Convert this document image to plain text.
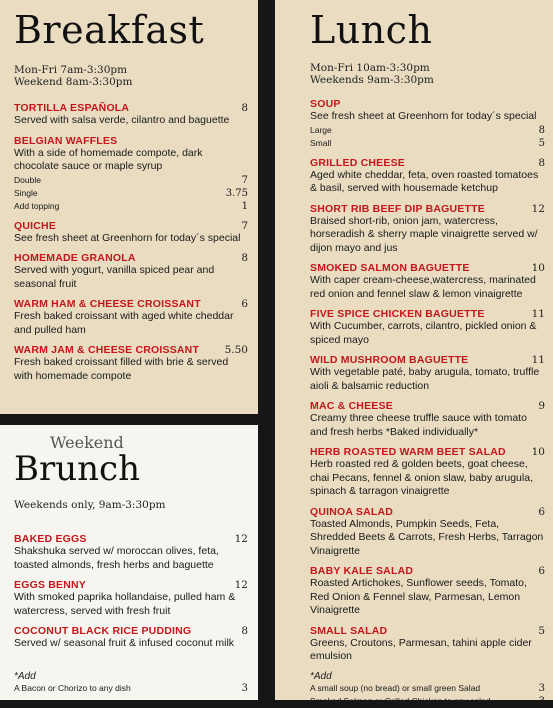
Breakfast
Mon-Fri 7am-3:30pm
Weekend 8am-3:30pm
TORTILLA ESPAÑOLA	8
Served with salsa verde, cilantro and baguette
BELGIAN WAFFLES
With a side of homemade compote, dark chocolate sauce or maple syrup
Double	7
Single	3.75
Add topping	1
QUICHE	7
See fresh sheet at Greenhorn for today´s special
HOMEMADE GRANOLA	8
Served with yogurt, vanilla spiced pear and seasonal fruit
WARM HAM & CHEESE CROISSANT	6
Fresh baked croissant with aged white cheddar and pulled ham
WARM JAM & CHEESE CROISSANT 5.50
Fresh baked croissant filled with brie & served with homemade compote
Lunch
Mon-Fri 10am-3:30pm
Weekends 9am-3:30pm
SOUP
See fresh sheet at Greenhorn for today´s special
Large	8
Small	5
GRILLED CHEESE	8
Aged white cheddar, feta, oven roasted tomatoes & basil, served with housemade ketchup
SHORT RIB BEEF DIP BAGUETTE	12
Braised short-rib, onion jam, watercress, horseradish & sherry maple vinaigrette served w/ dijon mayo and jus
SMOKED SALMON BAGUETTE	10
With caper cream-cheese,watercress, marinated red onion and fennel slaw & lemon vinaigrette
FIVE SPICE CHICKEN BAGUETTE	11
With Cucumber, carrots, cilantro, pickled onion & spiced mayo
WILD MUSHROOM BAGUETTE	11
With vegetable paté, baby arugula, tomato, truffle aioli & balsamic reduction
MAC & CHEESE	9
Creamy three cheese truffle sauce with tomato and fresh herbs *Baked individually*
HERB ROASTED WARM BEET SALAD 10
Herb roasted red & golden beets, goat cheese, chai Pecans, fennel & onion slaw, baby arugula, spinach & tarragon vinaigrette
QUINOA SALAD	6
Toasted Almonds, Pumpkin Seeds, Feta, Shredded Beets & Carrots, Fresh Herbs, Tarragon Vinaigrette
BABY KALE SALAD	6
Roasted Artichokes, Sunflower seeds, Tomato, Red Onion & Fennel slaw, Parmesan, Lemon Vinaigrette
SMALL SALAD	5
Greens, Croutons, Parmesan, tahini apple cider emulsion
*Add
A small soup (no bread) or small green Salad	3
Smoked Salmon or Grilled Chicken to any salad	3
Weekend
Brunch
Weekends only, 9am-3:30pm
BAKED EGGS	12
Shakshuka served w/ moroccan olives, feta, toasted almonds, fresh herbs and baguette
EGGS BENNY	12
With smoked paprika hollandaise, pulled ham & watercress, served with fresh fruit
COCONUT BLACK RICE PUDDING	8
Served w/ seasonal fruit & infused coconut milk
*Add
A Bacon or Chorizo to any dish	3
